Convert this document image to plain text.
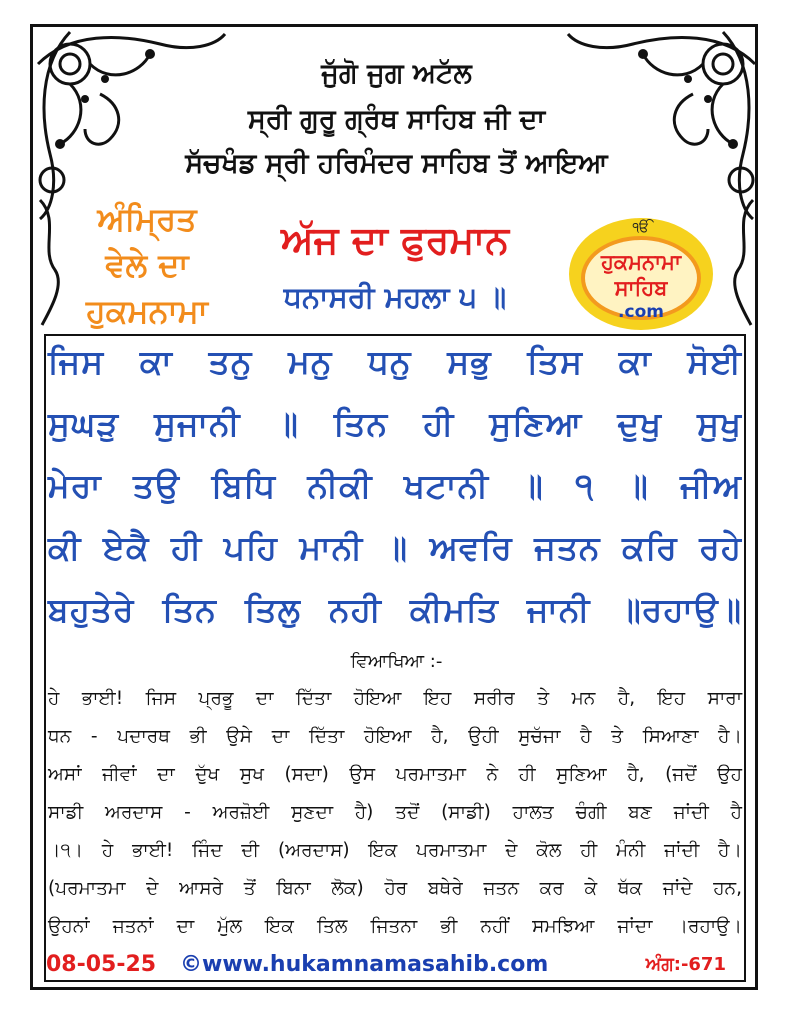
ਜੁੱਗੋ ਜੁਗ ਅਟੱਲ
ਸ੍ਰੀ ਗੁਰੂ ਗ੍ਰੰਥ ਸਾਹਿਬ ਜੀ ਦਾ
ਸੱਚਖੰਡ ਸ੍ਰੀ ਹਰਿਮੰਦਰ ਸਾਹਿਬ ਤੋਂ ਆਇਆ
ਅੰਮ੍ਰਿਤ
ਵੇਲੇ ਦਾ
ਹੁਕਮਨਾਮਾ
ਅੱਜ ਦਾ ਫੁਰਮਾਨ
ਧਨਾਸਰੀ ਮਹਲਾ ੫ ॥
ੴ
ਹੁਕਮਨਾਮਾ
ਸਾਹਿਬ
.com
ਜਿਸ ਕਾ ਤਨੁ ਮਨੁ ਧਨੁ ਸਭੁ ਤਿਸ ਕਾ ਸੋਈ
ਸੁਘੜੁ ਸੁਜਾਨੀ ॥ ਤਿਨ ਹੀ ਸੁਣਿਆ ਦੁਖੁ ਸੁਖੁ
ਮੇਰਾ ਤਉ ਬਿਧਿ ਨੀਕੀ ਖਟਾਨੀ ॥ ੧ ॥ ਜੀਅ
ਕੀ ਏਕੈ ਹੀ ਪਹਿ ਮਾਨੀ ॥ ਅਵਰਿ ਜਤਨ ਕਰਿ ਰਹੇ
ਬਹੁਤੇਰੇ ਤਿਨ ਤਿਲੁ ਨਹੀ ਕੀਮਤਿ ਜਾਨੀ ॥ਰਹਾਉ॥
ਵਿਆਖਿਆ :-
ਹੇ ਭਾਈ! ਜਿਸ ਪ੍ਰਭੂ ਦਾ ਦਿੱਤਾ ਹੋਇਆ ਇਹ ਸਰੀਰ ਤੇ ਮਨ ਹੈ, ਇਹ ਸਾਰਾ
ਧਨ - ਪਦਾਰਥ ਭੀ ਉਸੇ ਦਾ ਦਿੱਤਾ ਹੋਇਆ ਹੈ, ਉਹੀ ਸੁਚੱਜਾ ਹੈ ਤੇ ਸਿਆਣਾ ਹੈ।
ਅਸਾਂ ਜੀਵਾਂ ਦਾ ਦੁੱਖ ਸੁਖ (ਸਦਾ) ਉਸ ਪਰਮਾਤਮਾ ਨੇ ਹੀ ਸੁਣਿਆ ਹੈ, (ਜਦੋਂ ਉਹ
ਸਾਡੀ ਅਰਦਾਸ - ਅਰਜ਼ੋਈ ਸੁਣਦਾ ਹੈ) ਤਦੋਂ (ਸਾਡੀ) ਹਾਲਤ ਚੰਗੀ ਬਣ ਜਾਂਦੀ ਹੈ
।੧। ਹੇ ਭਾਈ! ਜਿੰਦ ਦੀ (ਅਰਦਾਸ) ਇਕ ਪਰਮਾਤਮਾ ਦੇ ਕੋਲ ਹੀ ਮੰਨੀ ਜਾਂਦੀ ਹੈ।
(ਪਰਮਾਤਮਾ ਦੇ ਆਸਰੇ ਤੋਂ ਬਿਨਾ ਲੋਕ) ਹੋਰ ਬਥੇਰੇ ਜਤਨ ਕਰ ਕੇ ਥੱਕ ਜਾਂਦੇ ਹਨ,
ਉਹਨਾਂ ਜਤਨਾਂ ਦਾ ਮੁੱਲ ਇਕ ਤਿਲ ਜਿਤਨਾ ਭੀ ਨਹੀਂ ਸਮਝਿਆ ਜਾਂਦਾ ।ਰਹਾਉ।
08-05-25 ©www.hukamnamasahib.com	ਅੰਗ:-671
